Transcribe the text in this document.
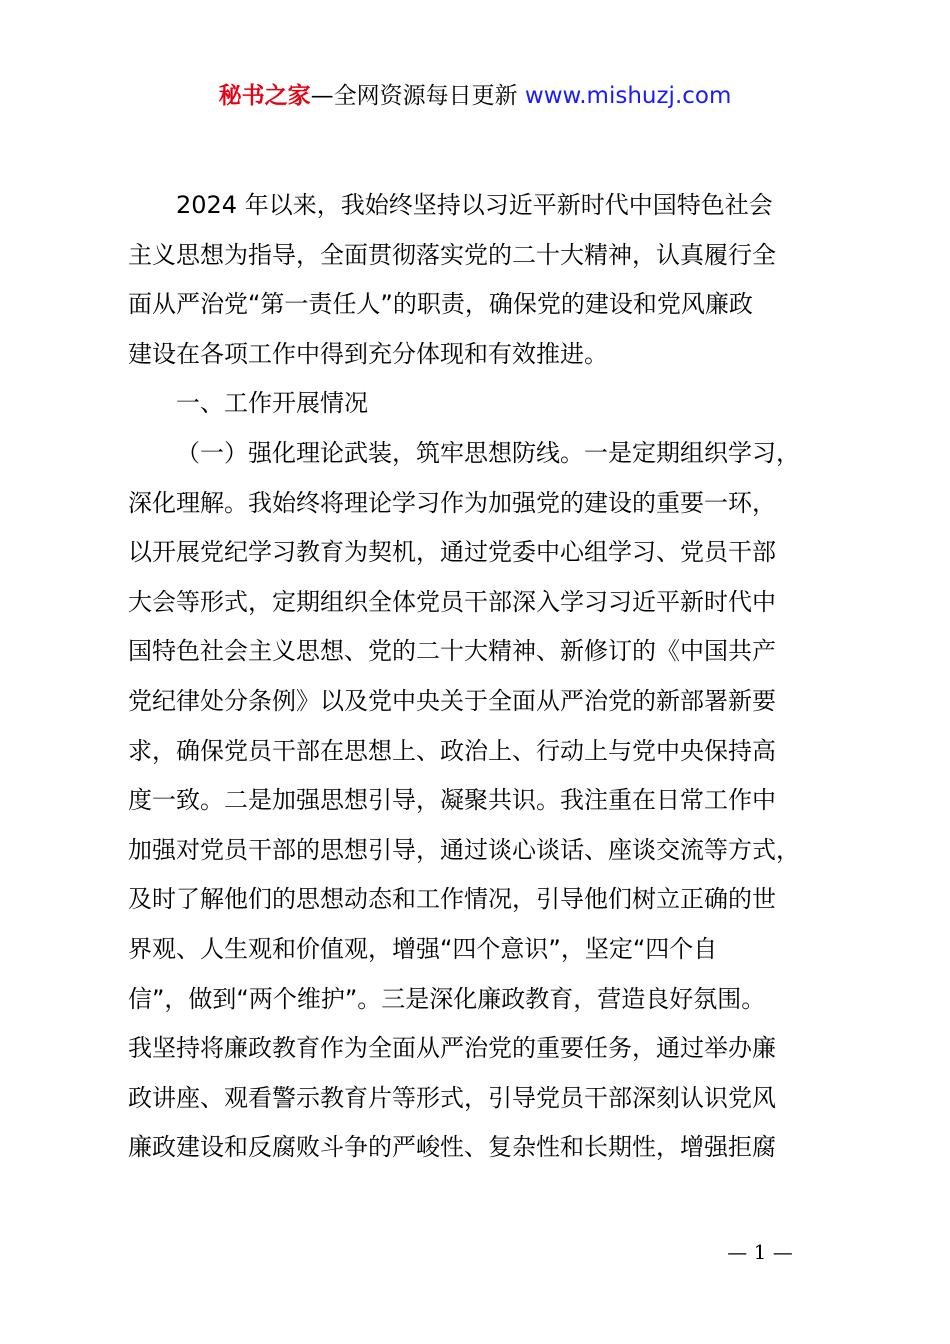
秘书之家—全网资源每日更新 www.mishuzj.com
2024 年以来，我始终坚持以习近平新时代中国特色社会
主义思想为指导，全面贯彻落实党的二十大精神，认真履行全
面从严治党“第一责任人”的职责，确保党的建设和党风廉政
建设在各项工作中得到充分体现和有效推进。
一、工作开展情况
（一）强化理论武装，筑牢思想防线。一是定期组织学习，
深化理解。我始终将理论学习作为加强党的建设的重要一环，
以开展党纪学习教育为契机，通过党委中心组学习、党员干部
大会等形式，定期组织全体党员干部深入学习习近平新时代中
国特色社会主义思想、党的二十大精神、新修订的《中国共产
党纪律处分条例》以及党中央关于全面从严治党的新部署新要
求，确保党员干部在思想上、政治上、行动上与党中央保持高
度一致。二是加强思想引导，凝聚共识。我注重在日常工作中
加强对党员干部的思想引导，通过谈心谈话、座谈交流等方式，
及时了解他们的思想动态和工作情况，引导他们树立正确的世
界观、人生观和价值观，增强“四个意识”，坚定“四个自
信”，做到“两个维护”。三是深化廉政教育，营造良好氛围。
我坚持将廉政教育作为全面从严治党的重要任务，通过举办廉
政讲座、观看警示教育片等形式，引导党员干部深刻认识党风
廉政建设和反腐败斗争的严峻性、复杂性和长期性，增强拒腐
— 1 —
